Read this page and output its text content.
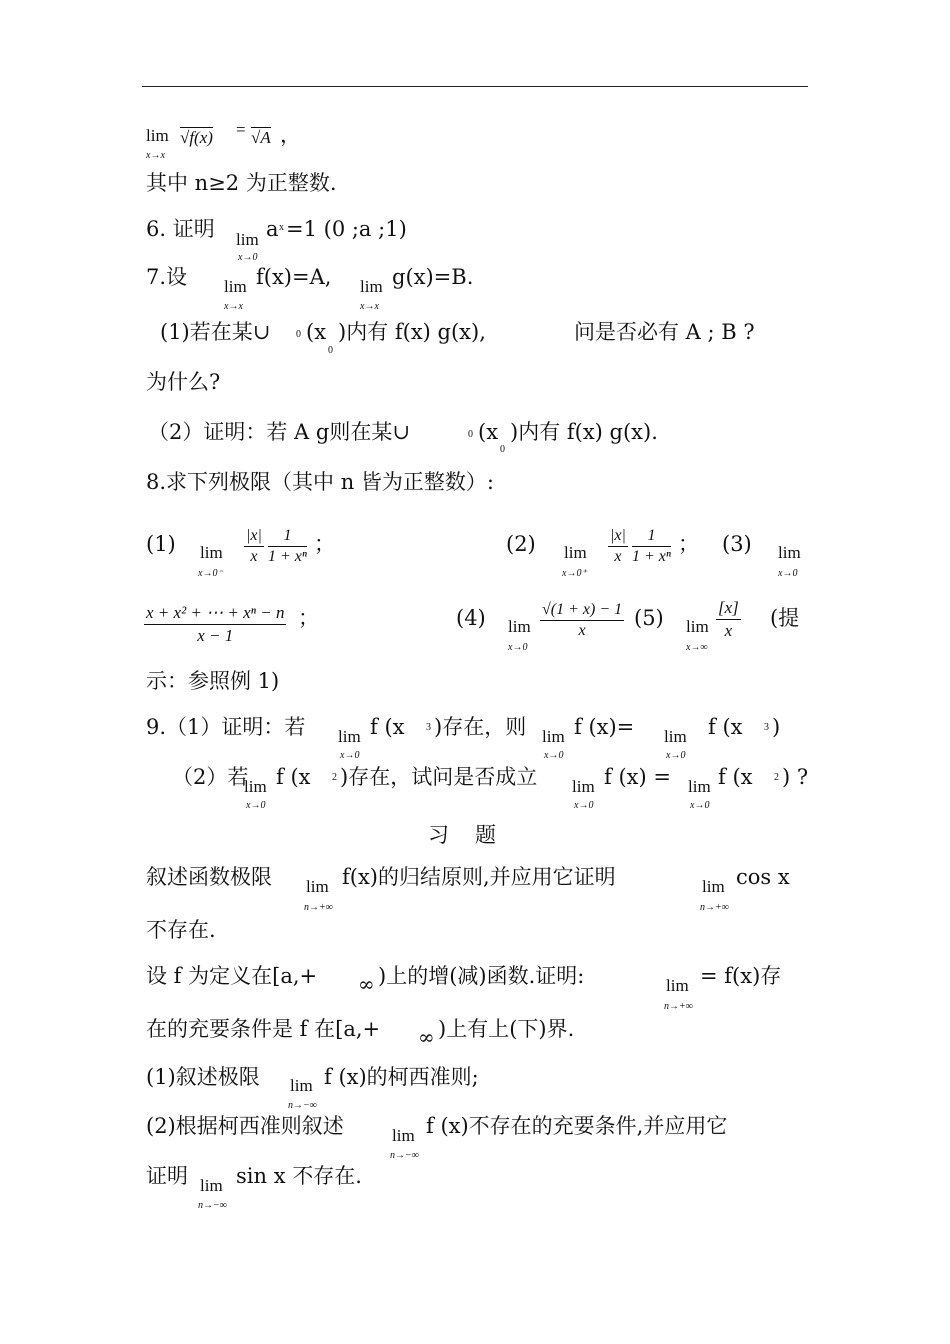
lim
x→x
√f(x) = √A ，
其中 n≥2 为正整数.
6. 证明 lim
x→0
a x =1 (0 ;a ;1)
7.设 lim
x→x
f(x)=A, lim
x→x
g(x)=B.
(1)若在某∪	0 (x
0
)内有 f(x) g(x),	问是否必有 A ; B ?
为什么?
（2）证明：若 A g则在某∪	0 (x
0
)内有 f(x) g(x).
8.求下列极限（其中 n 皆为正整数）:
(1) lim
x→0⁻
$\frac{|x|}{x} \frac{1}{\text{1 + xⁿ}}$ ；	(2) lim
x→0⁺
$\frac{|x|}{x} \frac{1}{\text{1 + xⁿ}}$ ； (3) lim
x→0
$\frac{\text{x + x² + ⋯ + xⁿ − n}}{x - 1}$ ；	(4) lim
x→0
$\frac{√(1 + x) - 1}{x} (5)$ lim
x→∞
$\frac{[x]}{x}$ (提
示：参照例 1)
9.（1）证明：若 lim
x→0
f (x 3 )存在，则 lim
x→0
f (x)= lim
x→0
f (x 3 )
（2）若
lim
x→0
f (x 2 )存在，试问是否成立 lim
x→0
f (x) = lim
x→0
f (x 2 ) ?
习题
叙述函数极限 lim
n→+∞
f(x)的归结原则,并应用它证明	lim
n→+∞
cos x
不存在.
设 f 为定义在[a,+ ∞ )上的增(减)函数.证明:	lim
n→+∞
= f(x)存
在的充要条件是 f 在[a,+ ∞ )上有上(下)界.
(1)叙述极限 lim
n→−∞
f (x)的柯西准则;
(2)根据柯西准则叙述	lim
n→−∞
f (x)不存在的充要条件,并应用它
证明 lim
n→−∞
sin x 不存在.
